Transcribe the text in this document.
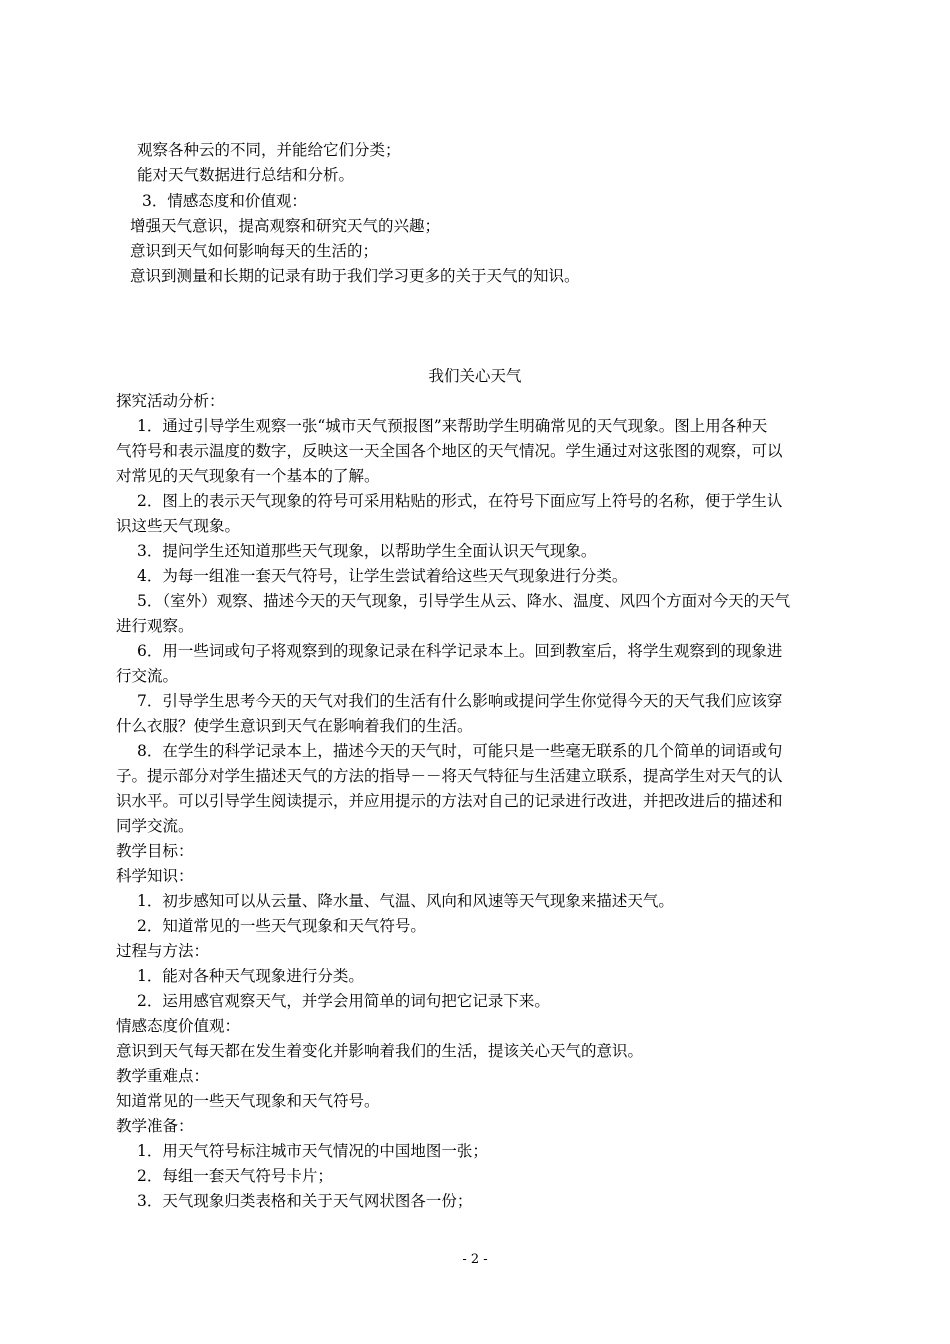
观察各种云的不同，并能给它们分类；
能对天气数据进行总结和分析。
3．情感态度和价值观：
增强天气意识，提高观察和研究天气的兴趣；
意识到天气如何影响每天的生活的；
意识到测量和长期的记录有助于我们学习更多的关于天气的知识。
我们关心天气
探究活动分析：
1．通过引导学生观察一张“城市天气预报图”来帮助学生明确常见的天气现象。图上用各种天
气符号和表示温度的数字，反映这一天全国各个地区的天气情况。学生通过对这张图的观察，可以
对常见的天气现象有一个基本的了解。
2．图上的表示天气现象的符号可采用粘贴的形式，在符号下面应写上符号的名称，便于学生认
识这些天气现象。
3．提问学生还知道那些天气现象，以帮助学生全面认识天气现象。
4．为每一组准一套天气符号，让学生尝试着给这些天气现象进行分类。
5．（室外）观察、描述今天的天气现象，引导学生从云、降水、温度、风四个方面对今天的天气
进行观察。
6．用一些词或句子将观察到的现象记录在科学记录本上。回到教室后，将学生观察到的现象进
行交流。
7．引导学生思考今天的天气对我们的生活有什么影响或提问学生你觉得今天的天气我们应该穿
什么衣服？使学生意识到天气在影响着我们的生活。
8．在学生的科学记录本上，描述今天的天气时，可能只是一些毫无联系的几个简单的词语或句
子。提示部分对学生描述天气的方法的指导－－将天气特征与生活建立联系，提高学生对天气的认
识水平。可以引导学生阅读提示，并应用提示的方法对自己的记录进行改进，并把改进后的描述和
同学交流。
教学目标：
科学知识：
1．初步感知可以从云量、降水量、气温、风向和风速等天气现象来描述天气。
2．知道常见的一些天气现象和天气符号。
过程与方法：
1．能对各种天气现象进行分类。
2．运用感官观察天气，并学会用简单的词句把它记录下来。
情感态度价值观：
意识到天气每天都在发生着变化并影响着我们的生活，提该关心天气的意识。
教学重难点：
知道常见的一些天气现象和天气符号。
教学准备：
1．用天气符号标注城市天气情况的中国地图一张；
2．每组一套天气符号卡片；
3．天气现象归类表格和关于天气网状图各一份；
- 2 -
